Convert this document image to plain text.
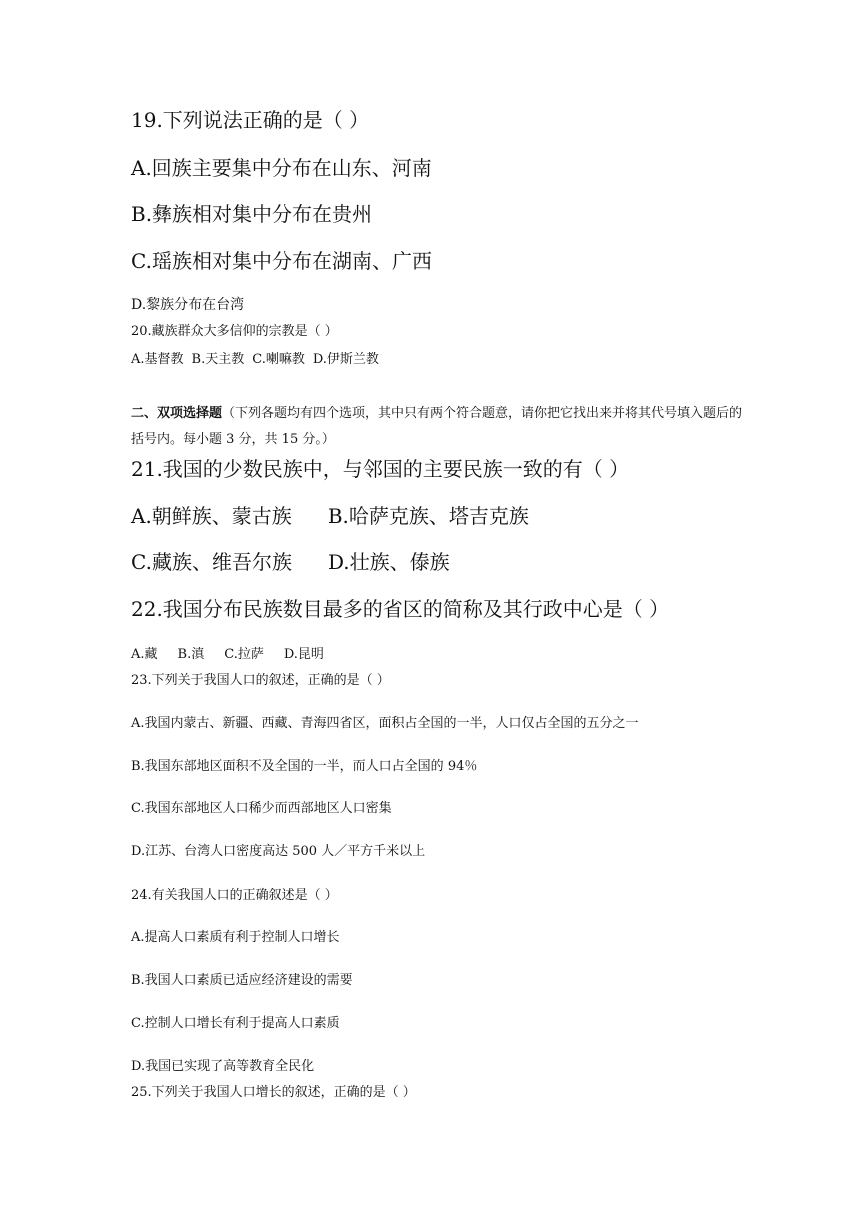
19.下列说法正确的是（ ）

A.回族主要集中分布在山东、河南

B.彝族相对集中分布在贵州

C.瑶族相对集中分布在湖南、广西

D.黎族分布在台湾

20.藏族群众大多信仰的宗教是（ ）

A.基督教 B.天主教 C.喇嘛教 D.伊斯兰教

二、双项选择题（下列各题均有四个选项，其中只有两个符合题意，请你把它找出来并将其代号填入题后的

括号内。每小题 3 分，共 15 分。）

21.我国的少数民族中，与邻国的主要民族一致的有（ ）

A.朝鲜族、蒙古族 B.哈萨克族、塔吉克族

C.藏族、维吾尔族 D.壮族、傣族

22.我国分布民族数目最多的省区的简称及其行政中心是（ ）

A.藏 B.滇 C.拉萨 D.昆明

23.下列关于我国人口的叙述，正确的是（ ）

A.我国内蒙古、新疆、西藏、青海四省区，面积占全国的一半，人口仅占全国的五分之一

B.我国东部地区面积不及全国的一半，而人口占全国的 94％

C.我国东部地区人口稀少而西部地区人口密集

D.江苏、台湾人口密度高达 500 人／平方千米以上

24.有关我国人口的正确叙述是（ ）

A.提高人口素质有利于控制人口增长

B.我国人口素质已适应经济建设的需要

C.控制人口增长有利于提高人口素质

D.我国已实现了高等教育全民化

25.下列关于我国人口增长的叙述，正确的是（ ）
